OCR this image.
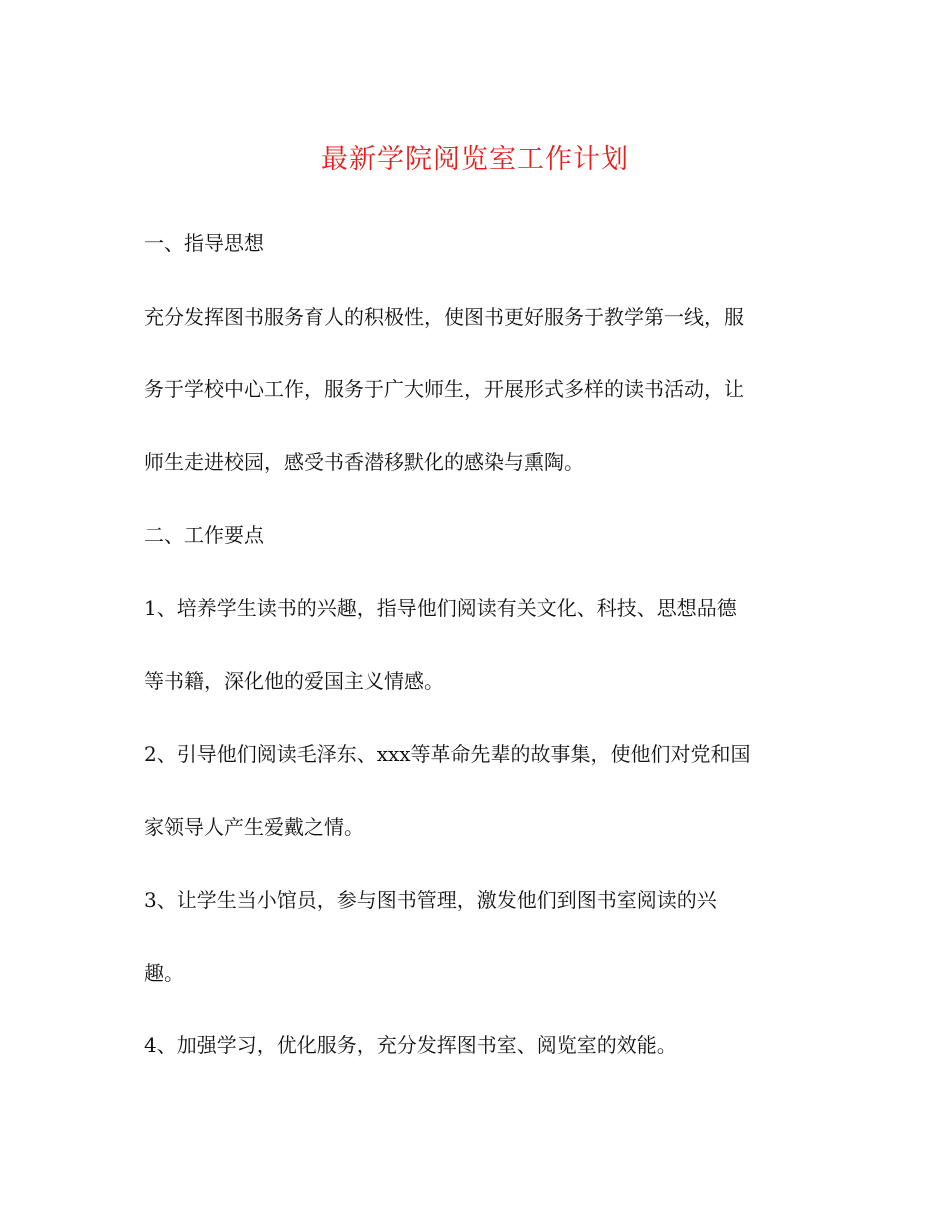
最新学院阅览室工作计划

一、指导思想

充分发挥图书服务育人的积极性，使图书更好服务于教学第一线，服

务于学校中心工作，服务于广大师生，开展形式多样的读书活动，让

师生走进校园，感受书香潜移默化的感染与熏陶。

二、工作要点

1、培养学生读书的兴趣，指导他们阅读有关文化、科技、思想品德

等书籍，深化他的爱国主义情感。

2、引导他们阅读毛泽东、xxx等革命先辈的故事集，使他们对党和国

家领导人产生爱戴之情。

3、让学生当小馆员，参与图书管理，激发他们到图书室阅读的兴

趣。

4、加强学习，优化服务，充分发挥图书室、阅览室的效能。
